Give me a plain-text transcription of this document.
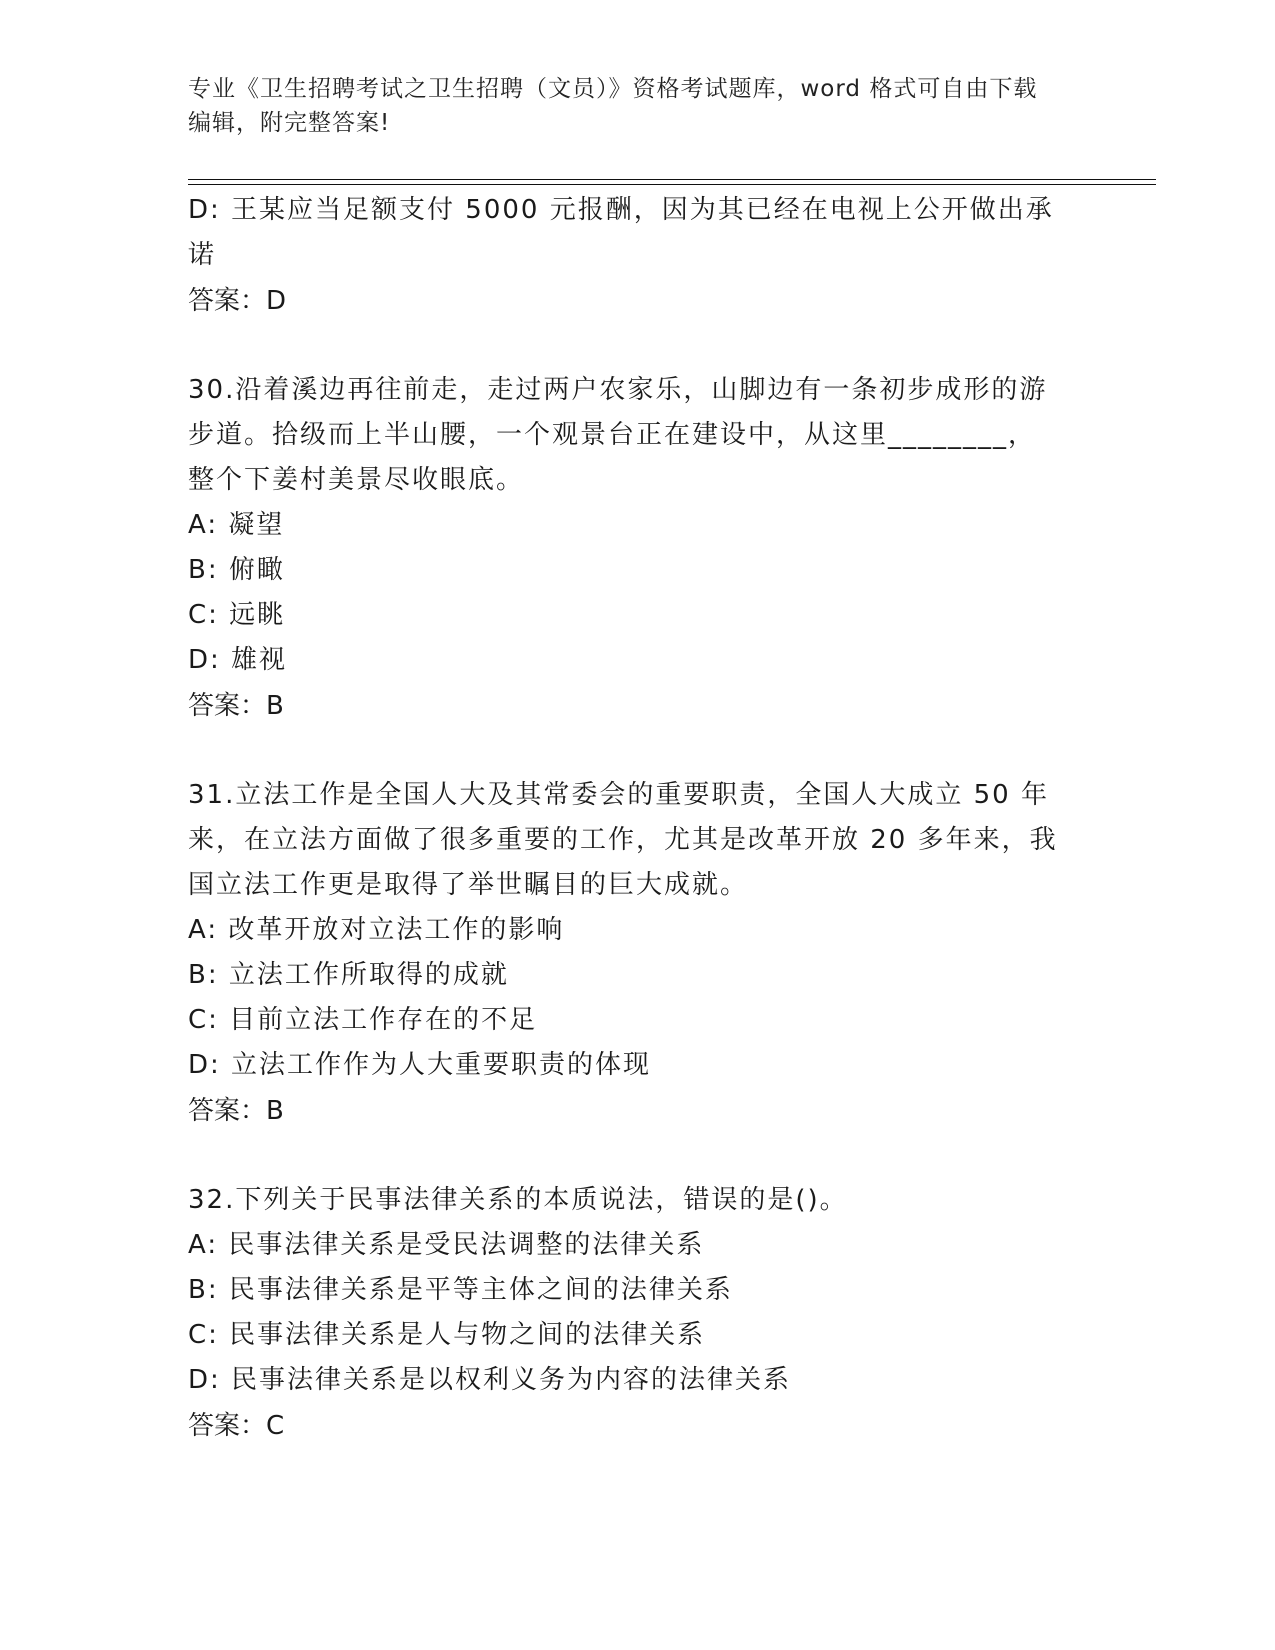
专业《卫生招聘考试之卫生招聘（文员）》资格考试题库，word 格式可自由下载
编辑，附完整答案!
D: 王某应当足额支付 5000 元报酬，因为其已经在电视上公开做出承
诺
答案：D
30.沿着溪边再往前走，走过两户农家乐，山脚边有一条初步成形的游
步道。拾级而上半山腰，一个观景台正在建设中，从这里________，
整个下姜村美景尽收眼底。
A: 凝望
B: 俯瞰
C: 远眺
D: 雄视
答案：B
31.立法工作是全国人大及其常委会的重要职责，全国人大成立 50 年
来，在立法方面做了很多重要的工作，尤其是改革开放 20 多年来，我
国立法工作更是取得了举世瞩目的巨大成就。
A: 改革开放对立法工作的影响
B: 立法工作所取得的成就
C: 目前立法工作存在的不足
D: 立法工作作为人大重要职责的体现
答案：B
32.下列关于民事法律关系的本质说法，错误的是()。
A: 民事法律关系是受民法调整的法律关系
B: 民事法律关系是平等主体之间的法律关系
C: 民事法律关系是人与物之间的法律关系
D: 民事法律关系是以权利义务为内容的法律关系
答案：C
